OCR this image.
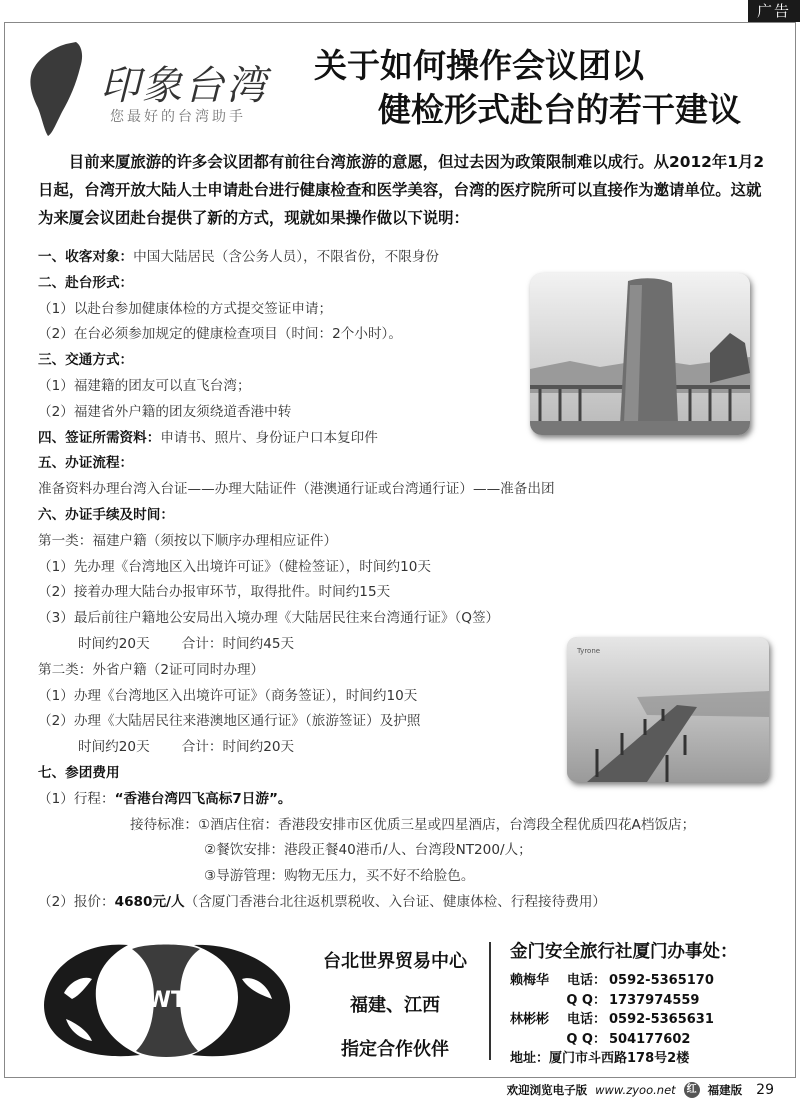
广告
印象台湾
您最好的台湾助手
关于如何操作会议团以
健检形式赴台的若干建议
目前来厦旅游的许多会议团都有前往台湾旅游的意愿，但过去因为政策限制难以成行。从2012年1月2日起，台湾开放大陆人士申请赴台进行健康检查和医学美容，台湾的医疗院所可以直接作为邀请单位。这就为来厦会议团赴台提供了新的方式，现就如果操作做以下说明：
Tyrone
一、收客对象：中国大陆居民（含公务人员），不限省份，不限身份
二、赴台形式：
（1）以赴台参加健康体检的方式提交签证申请；
（2）在台必须参加规定的健康检查项目（时间：2个小时）。
三、交通方式：
（1）福建籍的团友可以直飞台湾；
（2）福建省外户籍的团友须绕道香港中转
四、签证所需资料：申请书、照片、身份证户口本复印件
五、办证流程：
准备资料办理台湾入台证——办理大陆证件（港澳通行证或台湾通行证）——准备出团
六、办证手续及时间：
第一类：福建户籍（须按以下顺序办理相应证件）
（1）先办理《台湾地区入出境许可证》（健检签证），时间约10天
（2）接着办理大陆台办报审环节，取得批件。时间约15天
（3）最后前往户籍地公安局出入境办理《大陆居民往来台湾通行证》（Q签）
时间约20天 合计：时间约45天
第二类：外省户籍（2证可同时办理）
（1）办理《台湾地区入出境许可证》（商务签证），时间约10天
（2）办理《大陆居民往来港澳地区通行证》（旅游签证）及护照
时间约20天 合计：时间约20天
七、参团费用
（1）行程：“香港台湾四飞高标7日游”。
接待标准：①酒店住宿：香港段安排市区优质三星或四星酒店，台湾段全程优质四花A档饭店；
②餐饮安排：港段正餐40港币/人、台湾段NT200/人；
③导游管理：购物无压力，买不好不给脸色。
（2）报价：4680元/人（含厦门香港台北往返机票税收、入台证、健康体检、行程接待费用）
TWTC
台北世界贸易中心
福建、江西
指定合作伙伴
金门安全旅行社厦门办事处：
赖梅华 电话： 0592-5365170
Q Q： 1737974559
林彬彬 电话： 0592-5365631
Q Q： 504177602
地址：厦门市斗西路178号2楼
欢迎浏览电子版 www.zyoo.net	红 福建版 29
